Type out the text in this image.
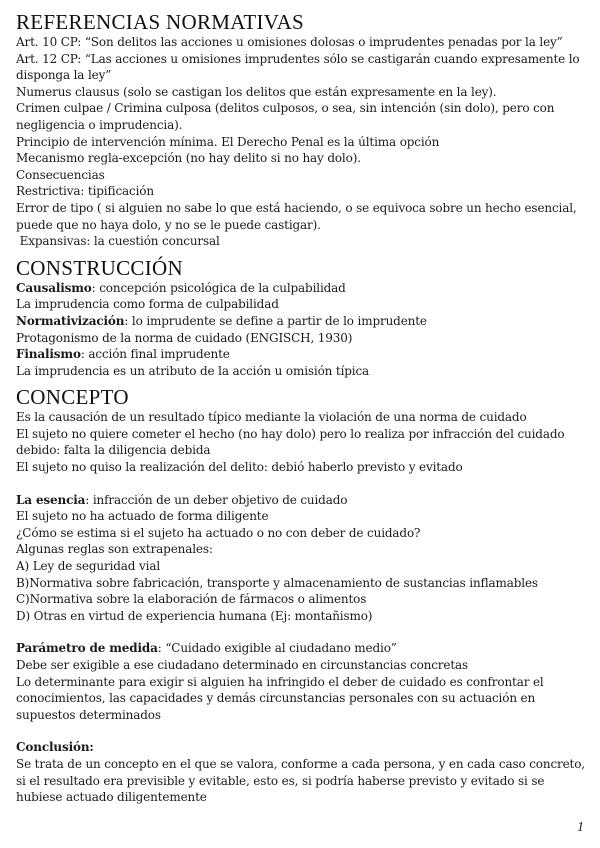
REFERENCIAS NORMATIVAS

Art. 10 CP: “Son delitos las acciones u omisiones dolosas o imprudentes penadas por la ley”

Art. 12 CP: “Las acciones u omisiones imprudentes sólo se castigarán cuando expresamente lo disponga la ley”

Numerus clausus (solo se castigan los delitos que están expresamente en la ley).

Crimen culpae / Crimina culposa (delitos culposos, o sea, sin intención (sin dolo), pero con negligencia o imprudencia).

Principio de intervención mínima. El Derecho Penal es la última opción

Mecanismo regla-excepción (no hay delito si no hay dolo).

Consecuencias

Restrictiva: tipificación

Error de tipo ( si alguien no sabe lo que está haciendo, o se equivoca sobre un hecho esencial, puede que no haya dolo, y no se le puede castigar).

Expansivas: la cuestión concursal

CONSTRUCCIÓN

Causalismo: concepción psicológica de la culpabilidad

La imprudencia como forma de culpabilidad

Normativización: lo imprudente se define a partir de lo imprudente

Protagonismo de la norma de cuidado (ENGISCH, 1930)

Finalismo: acción final imprudente

La imprudencia es un atributo de la acción u omisión típica

CONCEPTO

Es la causación de un resultado típico mediante la violación de una norma de cuidado

El sujeto no quiere cometer el hecho (no hay dolo) pero lo realiza por infracción del cuidado debido: falta la diligencia debida

El sujeto no quiso la realización del delito: debió haberlo previsto y evitado

La esencia: infracción de un deber objetivo de cuidado

El sujeto no ha actuado de forma diligente

¿Cómo se estima si el sujeto ha actuado o no con deber de cuidado?

Algunas reglas son extrapenales:

A) Ley de seguridad vial

B)Normativa sobre fabricación, transporte y almacenamiento de sustancias inflamables

C)Normativa sobre la elaboración de fármacos o alimentos

D) Otras en virtud de experiencia humana (Ej: montañismo)

Parámetro de medida: “Cuidado exigible al ciudadano medio”

Debe ser exigible a ese ciudadano determinado en circunstancias concretas

Lo determinante para exigir si alguien ha infringido el deber de cuidado es confrontar el conocimientos, las capacidades y demás circunstancias personales con su actuación en supuestos determinados

Conclusión:

Se trata de un concepto en el que se valora, conforme a cada persona, y en cada caso concreto, si el resultado era previsible y evitable, esto es, si podría haberse previsto y evitado si se hubiese actuado diligentemente

1
